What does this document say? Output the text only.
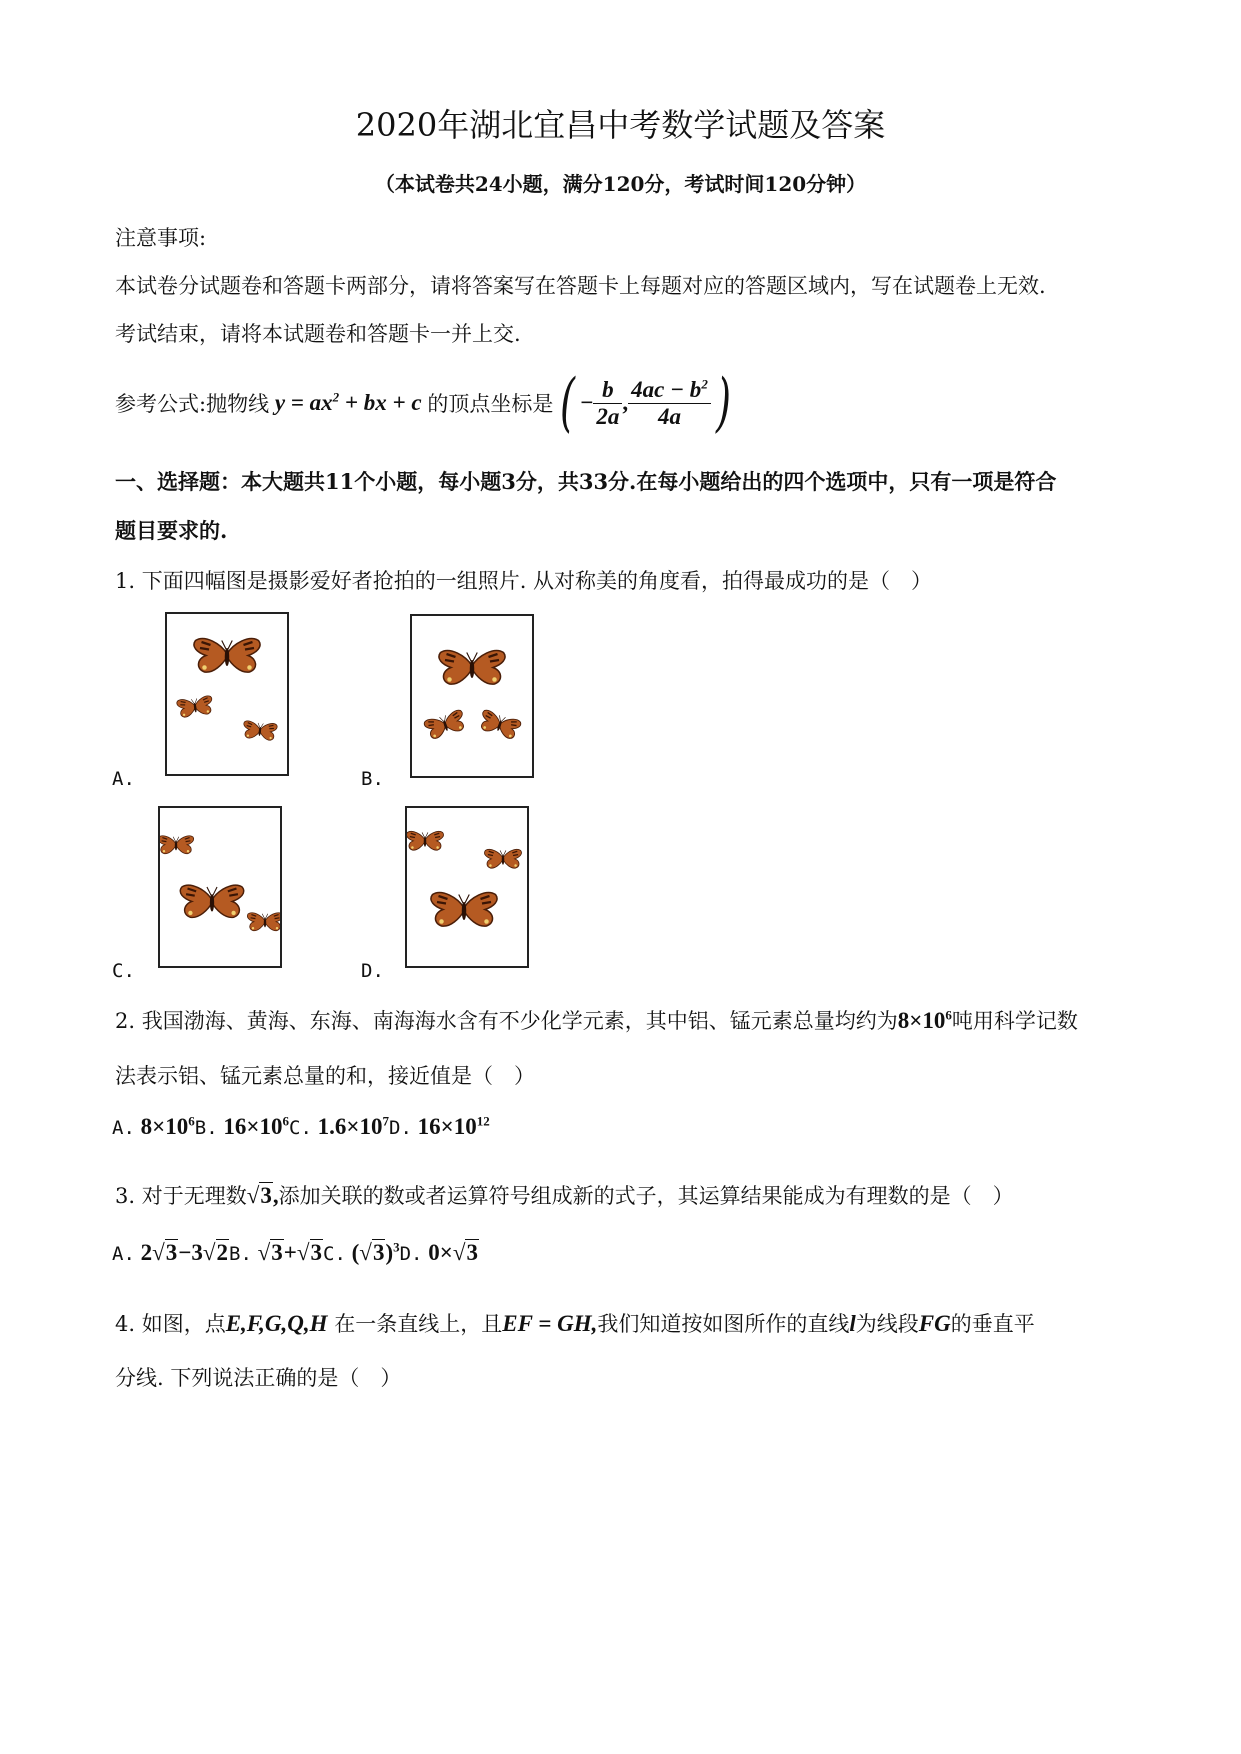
2020年湖北宜昌中考数学试题及答案
（本试卷共24小题，满分120分，考试时间120分钟）
注意事项:
本试卷分试题卷和答题卡两部分，请将答案写在答题卡上每题对应的答题区域内，写在试题卷上无效.
考试结束，请将本试题卷和答题卡一并上交.
参考公式:抛物线 $y = ax^2$ + bx + c 的顶点坐标是 ( − $\frac{b}{2a}$ , $\frac{4ac - b^2}{4a}$ )
一、选择题：本大题共11个小题，每小题3分，共33分.在每小题给出的四个选项中，只有一项是符合
题目要求的.
1. 下面四幅图是摄影爱好者抢拍的一组照片. 从对称美的角度看，拍得最成功的是（　）
A.	B.
C.	D.
2. 我国渤海、黄海、东海、南海海水含有不少化学元素，其中铝、锰元素总量均约为$8\times 10^6$吨用科学记数
法表示铝、锰元素总量的和，接近值是（　）
A. $8\times 10^6B$. $16\times 10^6C$. $1.6\times 10^7D$. $16\times 10^{12}$
3. 对于无理数√3,添加关联的数或者运算符号组成新的式子，其运算结果能成为有理数的是（　）
A. 2√3−3√2B. √3+√3C. $(√3)^3D$. 0×√3
4. 如图，点E,F,G,Q,H 在一条直线上，且EF = GH,我们知道按如图所作的直线l为线段FG的垂直平
分线. 下列说法正确的是（　）
